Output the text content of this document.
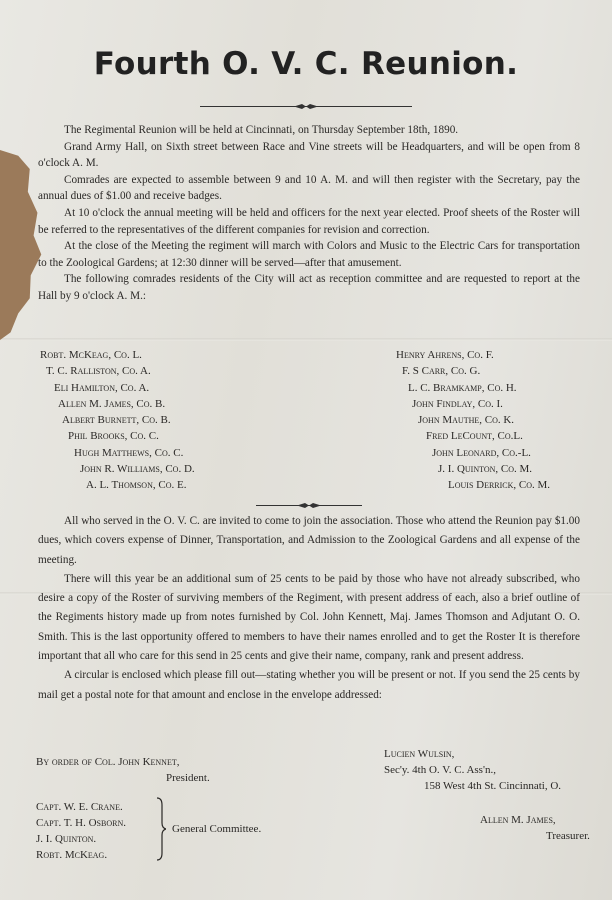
Fourth O. V. C. Reunion.

The Regimental Reunion will be held at Cincinnati, on Thursday September 18th, 1890.

Grand Army Hall, on Sixth street between Race and Vine streets will be Headquarters, and will be open from 8 o'clock A. M.

Comrades are expected to assemble between 9 and 10 A. M. and will then register with the Secretary, pay the annual dues of $1.00 and receive badges.

At 10 o'clock the annual meeting will be held and officers for the next year elected. Proof sheets of the Roster will be referred to the representatives of the different companies for revision and correction.

At the close of the Meeting the regiment will march with Colors and Music to the Electric Cars for transportation to the Zoological Gardens; at 12:30 dinner will be served—after that amusement.

The following comrades residents of the City will act as reception committee and are requested to report at the Hall by 9 o'clock A. M.:

Robt. McKeag, Co. L.
T. C. Ralliston, Co. A.
Eli Hamilton, Co. A.
Allen M. James, Co. B.
Albert Burnett, Co. B.
Phil Brooks, Co. C.
Hugh Matthews, Co. C.
John R. Williams, Co. D.
A. L. Thomson, Co. E.
Henry Ahrens, Co. F.
F. S Carr, Co. G.
L. C. Bramkamp, Co. H.
John Findlay, Co. I.
John Mauthe, Co. K.
Fred LeCount, Co.L.
John Leonard, Co.-L.
J. I. Quinton, Co. M.
Louis Derrick, Co. M.

All who served in the O. V. C. are invited to come to join the association. Those who attend the Reunion pay $1.00 dues, which covers expense of Dinner, Transportation, and Admission to the Zoological Gardens and all expense of the meeting.

There will this year be an additional sum of 25 cents to be paid by those who have not already subscribed, who desire a copy of the Roster of surviving members of the Regiment, with present address of each, also a brief outline of the Regiments history made up from notes furnished by Col. John Kennett, Maj. James Thomson and Adjutant O. O. Smith. This is the last opportunity offered to members to have their names enrolled and to get the Roster It is therefore important that all who care for this send in 25 cents and give their name, company, rank and present address.

A circular is enclosed which please fill out—stating whether you will be present or not. If you send the 25 cents by mail get a postal note for that amount and enclose in the envelope addressed:

By order of Col. John Kennet,
President.
Lucien Wulsin,
Sec'y. 4th O. V. C. Ass'n.,
158 West 4th St. Cincinnati, O.
Capt. W. E. Crane.
Capt. T. H. Osborn.
J. I. Quinton.
Robt. McKeag.
General Committee.
Allen M. James,
Treasurer.
